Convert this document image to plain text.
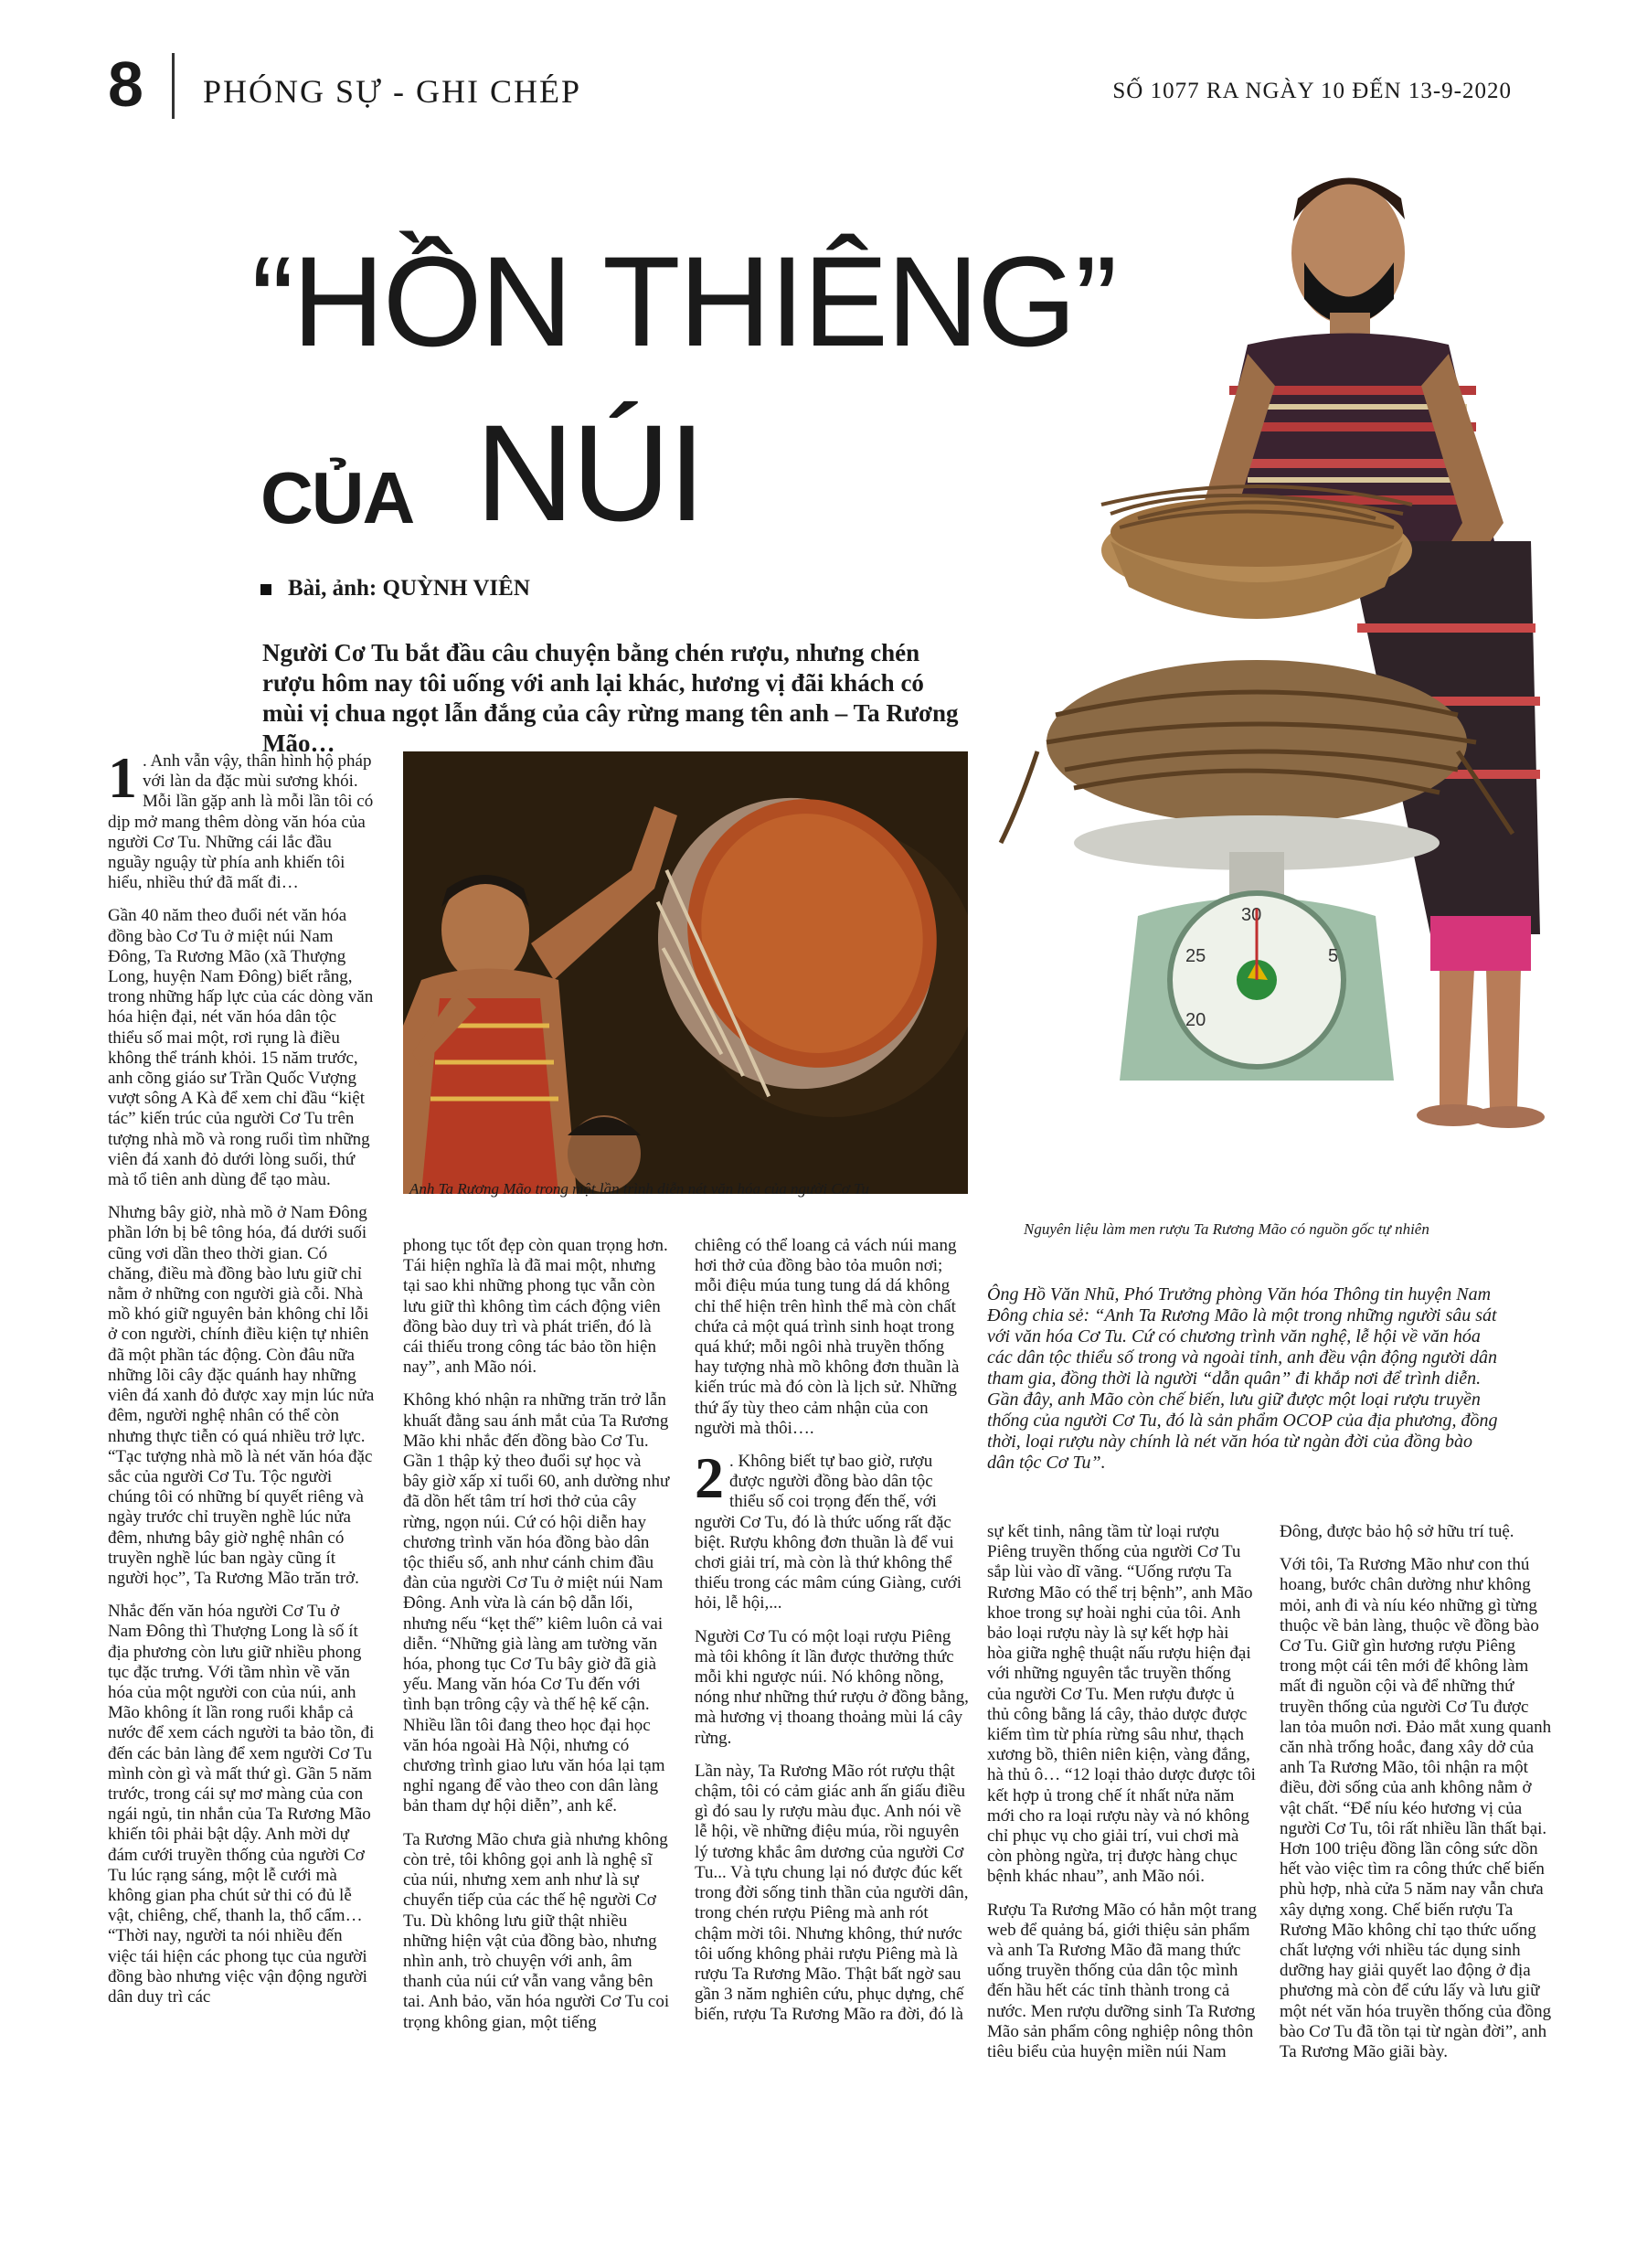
8 PHÓNG SỰ - GHI CHÉP	SỐ 1077 RA NGÀY 10 ĐẾN 13-9-2020
30
25	5
20
“HỒN THIÊNG”
NÚI
CỦA
Bài, ảnh: QUỲNH VIÊN
Người Cơ Tu bắt đầu câu chuyện bằng chén rượu, nhưng chén rượu hôm nay tôi uống với anh lại khác, hương vị đãi khách có mùi vị chua ngọt lẫn đắng của cây rừng mang tên anh – Ta Rương Mão…
Anh Ta Rương Mão trong một lần trình diễn nét văn hóa của người Cơ Tu
Nguyên liệu làm men rượu Ta Rương Mão có nguồn gốc tự nhiên

1 . Anh vẫn vậy, thân hình hộ pháp với làn da đặc mùi sương khói. Mỗi lần gặp anh là mỗi lần tôi có dịp mở mang thêm dòng văn hóa của người Cơ Tu. Những cái lắc đầu nguầy nguậy từ phía anh khiến tôi hiểu, nhiều thứ đã mất đi…

Gần 40 năm theo đuổi nét văn hóa đồng bào Cơ Tu ở miệt núi Nam Đông, Ta Rương Mão (xã Thượng Long, huyện Nam Đông) biết rằng, trong những hấp lực của các dòng văn hóa hiện đại, nét văn hóa dân tộc thiểu số mai một, rơi rụng là điều không thể tránh khỏi. 15 năm trước, anh cõng giáo sư Trần Quốc Vượng vượt sông A Kà để xem chỉ đầu “kiệt tác” kiến trúc của người Cơ Tu trên tượng nhà mồ và rong ruổi tìm những viên đá xanh đỏ dưới lòng suối, thứ mà tổ tiên anh dùng để tạo màu.

Nhưng bây giờ, nhà mồ ở Nam Đông phần lớn bị bê tông hóa, đá dưới suối cũng vơi dần theo thời gian. Có chăng, điều mà đồng bào lưu giữ chỉ nằm ở những con người già cỗi. Nhà mồ khó giữ nguyên bản không chỉ lỗi ở con người, chính điều kiện tự nhiên đã một phần tác động. Còn đâu nữa những lõi cây đặc quánh hay những viên đá xanh đỏ được xay mịn lúc nửa đêm, người nghệ nhân có thể còn nhưng thực tiễn có quá nhiều trở lực. “Tạc tượng nhà mồ là nét văn hóa đặc sắc của người Cơ Tu. Tộc người chúng tôi có những bí quyết riêng và ngày trước chỉ truyền nghề lúc nửa đêm, nhưng bây giờ nghệ nhân có truyền nghề lúc ban ngày cũng ít người học”, Ta Rương Mão trăn trở.

Nhắc đến văn hóa người Cơ Tu ở Nam Đông thì Thượng Long là số ít địa phương còn lưu giữ nhiều phong tục đặc trưng. Với tầm nhìn về văn hóa của một người con của núi, anh Mão không ít lần rong ruổi khắp cả nước để xem cách người ta bảo tồn, đi đến các bản làng để xem người Cơ Tu mình còn gì và mất thứ gì. Gần 5 năm trước, trong cái sự mơ màng của con ngái ngủ, tin nhắn của Ta Rương Mão khiến tôi phải bật dậy. Anh mời dự đám cưới truyền thống của người Cơ Tu lúc rạng sáng, một lễ cưới mà không gian pha chút sử thi có đủ lễ vật, chiêng, chế, thanh la, thổ cẩm… “Thời nay, người ta nói nhiều đến việc tái hiện các phong tục của người đồng bào nhưng việc vận động người dân duy trì các

phong tục tốt đẹp còn quan trọng hơn. Tái hiện nghĩa là đã mai một, nhưng tại sao khi những phong tục vẫn còn lưu giữ thì không tìm cách động viên đồng bào duy trì và phát triển, đó là cái thiếu trong công tác bảo tồn hiện nay”, anh Mão nói.

Không khó nhận ra những trăn trở lẫn khuất đằng sau ánh mắt của Ta Rương Mão khi nhắc đến đồng bào Cơ Tu. Gần 1 thập kỷ theo đuổi sự học và bây giờ xấp xỉ tuổi 60, anh dường như đã dồn hết tâm trí hơi thở của cây rừng, ngọn núi. Cứ có hội diễn hay chương trình văn hóa đồng bào dân tộc thiểu số, anh như cánh chim đầu đàn của người Cơ Tu ở miệt núi Nam Đông. Anh vừa là cán bộ dẫn lối, nhưng nếu “kẹt thế” kiêm luôn cả vai diễn. “Những già làng am tường văn hóa, phong tục Cơ Tu bây giờ đã già yếu. Mang văn hóa Cơ Tu đến với tình bạn trông cậy và thế hệ kế cận. Nhiều lần tôi đang theo học đại học văn hóa ngoài Hà Nội, nhưng có chương trình giao lưu văn hóa lại tạm nghỉ ngang để vào theo con dân làng bản tham dự hội diễn”, anh kể.

Ta Rương Mão chưa già nhưng không còn trẻ, tôi không gọi anh là nghệ sĩ của núi, nhưng xem anh như là sự chuyển tiếp của các thế hệ người Cơ Tu. Dù không lưu giữ thật nhiều những hiện vật của đồng bào, nhưng nhìn anh, trò chuyện với anh, âm thanh của núi cứ vẫn vang vẳng bên tai. Anh bảo, văn hóa người Cơ Tu coi trọng không gian, một tiếng

chiêng có thể loang cả vách núi mang hơi thở của đồng bào tỏa muôn nơi; mỗi điệu múa tung tung dá dá không chỉ thể hiện trên hình thể mà còn chất chứa cả một quá trình sinh hoạt trong quá khứ; mỗi ngôi nhà truyền thống hay tượng nhà mồ không đơn thuần là kiến trúc mà đó còn là lịch sử. Những thứ ấy tùy theo cảm nhận của con người mà thôi….

2 . Không biết tự bao giờ, rượu được người đồng bào dân tộc thiểu số coi trọng đến thế, với người Cơ Tu, đó là thức uống rất đặc biệt. Rượu không đơn thuần là để vui chơi giải trí, mà còn là thứ không thể thiếu trong các mâm cúng Giàng, cưới hỏi, lễ hội,...

Người Cơ Tu có một loại rượu Piêng mà tôi không ít lần được thưởng thức mỗi khi ngược núi. Nó không nồng, nóng như những thứ rượu ở đồng bằng, mà hương vị thoang thoảng mùi lá cây rừng.

Lần này, Ta Rương Mão rót rượu thật chậm, tôi có cảm giác anh ấn giấu điều gì đó sau ly rượu màu đục. Anh nói về lễ hội, về những điệu múa, rồi nguyên lý tương khắc âm dương của người Cơ Tu... Và tựu chung lại nó được đúc kết trong đời sống tinh thần của người dân, trong chén rượu Piêng mà anh rót chậm mời tôi. Nhưng không, thứ nước tôi uống không phải rượu Piêng mà là rượu Ta Rương Mão. Thật bất ngờ sau gần 3 năm nghiên cứu, phục dựng, chế biến, rượu Ta Rương Mão ra đời, đó là

Ông Hồ Văn Nhũ, Phó Trưởng phòng Văn hóa Thông tin huyện Nam Đông chia sẻ: “Anh Ta Rương Mão là một trong những người sâu sát với văn hóa Cơ Tu. Cứ có chương trình văn nghệ, lễ hội về văn hóa các dân tộc thiểu số trong và ngoài tỉnh, anh đều vận động người dân tham gia, đồng thời là người “dẫn quân” đi khắp nơi để trình diễn. Gần đây, anh Mão còn chế biến, lưu giữ được một loại rượu truyền thống của người Cơ Tu, đó là sản phẩm OCOP của địa phương, đồng thời, loại rượu này chính là nét văn hóa từ ngàn đời của đồng bào dân tộc Cơ Tu”.

sự kết tinh, nâng tầm từ loại rượu Piêng truyền thống của người Cơ Tu sắp lùi vào dĩ vãng. “Uống rượu Ta Rương Mão có thể trị bệnh”, anh Mão khoe trong sự hoài nghi của tôi. Anh bảo loại rượu này là sự kết hợp hài hòa giữa nghệ thuật nấu rượu hiện đại với những nguyên tắc truyền thống của người Cơ Tu. Men rượu được ủ thủ công bằng lá cây, thảo dược được kiếm tìm từ phía rừng sâu như, thạch xương bồ, thiên niên kiện, vàng đắng, hà thủ ô… “12 loại thảo dược được tôi kết hợp ủ trong chế ít nhất nửa năm mới cho ra loại rượu này và nó không chỉ phục vụ cho giải trí, vui chơi mà còn phòng ngừa, trị được hàng chục bệnh khác nhau”, anh Mão nói.

Rượu Ta Rương Mão có hẳn một trang web để quảng bá, giới thiệu sản phẩm và anh Ta Rương Mão đã mang thức uống truyền thống của dân tộc mình đến hầu hết các tỉnh thành trong cả nước. Men rượu dưỡng sinh Ta Rương Mão sản phẩm công nghiệp nông thôn tiêu biểu của huyện miền núi Nam

Đông, được bảo hộ sở hữu trí tuệ.

Với tôi, Ta Rương Mão như con thú hoang, bước chân dường như không mỏi, anh đi và níu kéo những gì từng thuộc về bản làng, thuộc về đồng bào Cơ Tu. Giữ gìn hương rượu Piêng trong một cái tên mới để không làm mất đi nguồn cội và để những thứ truyền thống của người Cơ Tu được lan tỏa muôn nơi. Đảo mắt xung quanh căn nhà trống hoắc, đang xây dở của anh Ta Rương Mão, tôi nhận ra một điều, đời sống của anh không nằm ở vật chất. “Để níu kéo hương vị của người Cơ Tu, tôi rất nhiều lần thất bại. Hơn 100 triệu đồng lần công sức dồn hết vào việc tìm ra công thức chế biến phù hợp, nhà cửa 5 năm nay vẫn chưa xây dựng xong. Chế biến rượu Ta Rương Mão không chỉ tạo thức uống chất lượng với nhiều tác dụng sinh dưỡng hay giải quyết lao động ở địa phương mà còn để cứu lấy và lưu giữ một nét văn hóa truyền thống của đồng bào Cơ Tu đã tồn tại từ ngàn đời”, anh Ta Rương Mão giãi bày.
